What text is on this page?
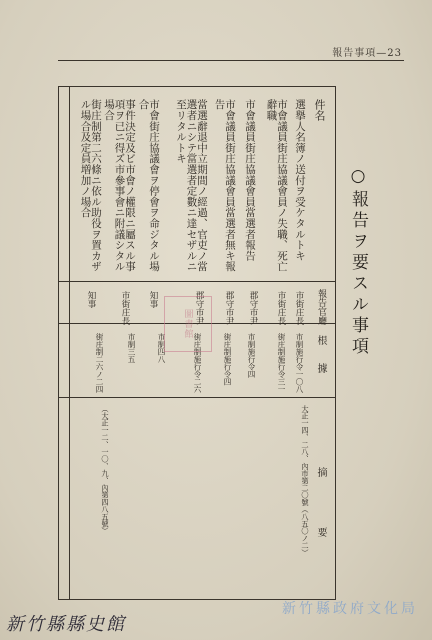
報告事項—23
○報告ヲ要スル事項
件名
報告官廳
根據
摘要
選擧人名簿ノ送付ヲ受ケタルトキ
市街庄長
市制施行令一〇八
大正一四、二八、內市第二〇號（八五〇ノ二）
市會議員街庄協議會員ノ失職、死亡辭職
市街庄長
街庄制施行令三一
市會議員街庄協議會員當選者報告
郡守市尹
市制施行令四
市會議員街庄協議會員當選者無キ報告
郡守市尹
街庄制施行令四
當選辭退中立期間ノ經過、官吏ノ當選者ニシテ當選者定數ニ達セザルニ至リタルトキ
郡守市尹
街庄制施行令二六
市會街庄協議會ヲ停會ヲ命ジタル場合
知事
市制四八
事件決定及ビ市會ノ權限ニ屬スル事項ヲ已ニ得ズ市參事會ニ附議シタル場合
市街庄長
市制三五
街庄制第二六條ニ依ル助役ヲ置カザル場合及定員増加ノ場合
知事
街庄制二六ノ二四
（大正一二、一〇、九、內第四八五號）
圖書館
新竹縣政府文化局
新竹縣縣史館
